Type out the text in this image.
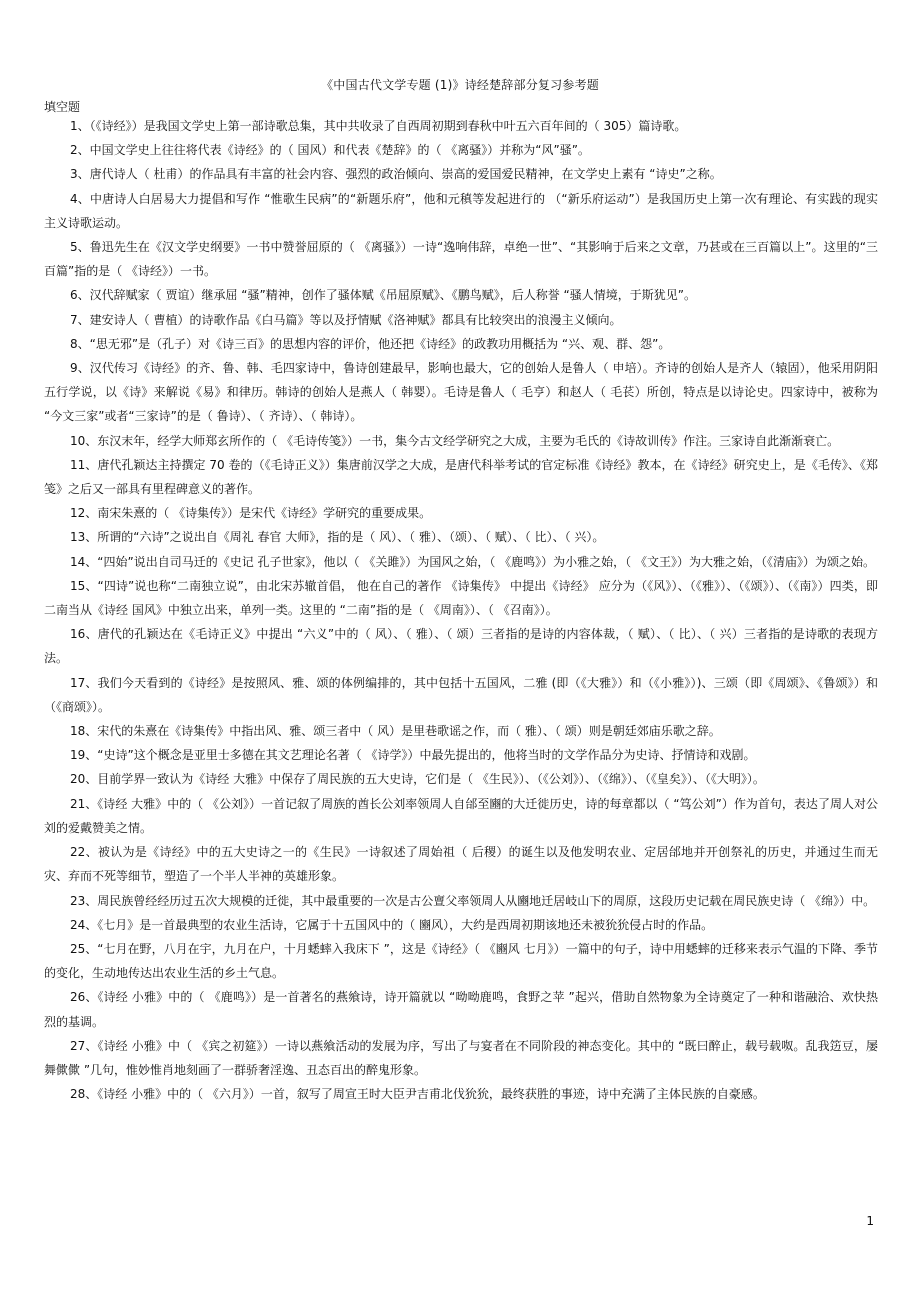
《中国古代文学专题 (1)》诗经楚辞部分复习参考题
填空题

1、（《诗经》）是我国文学史上第一部诗歌总集，其中共收录了自西周初期到春秋中叶五六百年间的（ 305）篇诗歌。

2、中国文学史上往往将代表《诗经》的（ 国风）和代表《楚辞》的（ 《离骚》）并称为“风”骚”。

3、唐代诗人（ 杜甫）的作品具有丰富的社会内容、强烈的政治倾向、崇高的爱国爱民精神，在文学史上素有 “诗史”之称。

4、中唐诗人白居易大力提倡和写作 “惟歌生民病”的“新题乐府”，他和元稹等发起进行的 （“新乐府运动”）是我国历史上第一次有理论、有实践的现实主义诗歌运动。

5、鲁迅先生在《汉文学史纲要》一书中赞誉屈原的（ 《离骚》）一诗“逸响伟辞，卓绝一世”、“其影响于后来之文章，乃甚或在三百篇以上”。这里的“三百篇”指的是（ 《诗经》）一书。

6、汉代辞赋家（ 贾谊）继承屈 “骚”精神，创作了骚体赋《吊屈原赋》、《鹏鸟赋》，后人称誉 “骚人情境，于斯犹见”。

7、建安诗人（ 曹植）的诗歌作品《白马篇》等以及抒情赋《洛神赋》都具有比较突出的浪漫主义倾向。

8、“思无邪”是（孔子）对《诗三百》的思想内容的评价，他还把《诗经》的政教功用概括为 “兴、观、群、怨”。

9、汉代传习《诗经》的齐、鲁、韩、毛四家诗中，鲁诗创建最早，影响也最大，它的创始人是鲁人（ 申培）。齐诗的创始人是齐人（辕固），他采用阴阳五行学说，以《诗》来解说《易》和律历。韩诗的创始人是燕人（ 韩婴）。毛诗是鲁人（ 毛亨）和赵人（ 毛苌）所创，特点是以诗论史。四家诗中，被称为 “今文三家”或者“三家诗”的是（ 鲁诗）、（ 齐诗）、（ 韩诗）。

10、东汉末年，经学大师郑玄所作的（ 《毛诗传笺》）一书，集今古文经学研究之大成，主要为毛氏的《诗故训传》作注。三家诗自此渐渐衰亡。

11、唐代孔颖达主持撰定 70 卷的（《毛诗正义》）集唐前汉学之大成，是唐代科举考试的官定标准《诗经》教本，在《诗经》研究史上，是《毛传》、《郑笺》之后又一部具有里程碑意义的著作。

12、南宋朱熹的（ 《诗集传》）是宋代《诗经》学研究的重要成果。

13、所谓的“六诗”之说出自《周礼 春官 大师》，指的是（ 风）、（ 雅）、（颂）、（ 赋）、（ 比）、（ 兴）。

14、“四始”说出自司马迁的《史记 孔子世家》，他以（ 《关雎》）为国风之始，（ 《鹿鸣》）为小雅之始，（ 《文王》）为大雅之始，（《清庙》）为颂之始。

15、“四诗”说也称“二南独立说”，由北宋苏辙首倡， 他在自己的著作 《诗集传》 中提出《诗经》 应分为（《风》）、（《雅》）、（《颂》）、（《南》）四类，即二南当从《诗经 国风》中独立出来，单列一类。这里的 “二南”指的是（ 《周南》）、（ 《召南》）。

16、唐代的孔颖达在《毛诗正义》中提出 “六义”中的（ 风）、（ 雅）、（ 颂）三者指的是诗的内容体裁，（ 赋）、（ 比）、（ 兴）三者指的是诗歌的表现方法。

17、我们今天看到的《诗经》是按照风、雅、颂的体例编排的，其中包括十五国风，二雅 (即（《大雅》）和（《小雅》）)、三颂（即《周颂》、《鲁颂》）和（《商颂》）。

18、宋代的朱熹在《诗集传》中指出风、雅、颂三者中（ 风）是里巷歌谣之作，而（ 雅）、（ 颂）则是朝廷郊庙乐歌之辞。

19、“史诗”这个概念是亚里士多德在其文艺理论名著（ 《诗学》）中最先提出的，他将当时的文学作品分为史诗、抒情诗和戏剧。

20、目前学界一致认为《诗经 大雅》中保存了周民族的五大史诗，它们是（ 《生民》）、（《公刘》）、（《绵》）、（《皇矣》）、（《大明》）。

21、《诗经 大雅》中的（ 《公刘》）一首记叙了周族的酋长公刘率领周人自邰至豳的大迁徙历史，诗的每章都以（ “笃公刘”）作为首句，表达了周人对公刘的爱戴赞美之情。

22、被认为是《诗经》中的五大史诗之一的《生民》一诗叙述了周始祖（ 后稷）的诞生以及他发明农业、定居邰地并开创祭礼的历史，并通过生而无灾、弃而不死等细节，塑造了一个半人半神的英雄形象。

23、周民族曾经经历过五次大规模的迁徙，其中最重要的一次是古公亶父率领周人从豳地迁居岐山下的周原，这段历史记载在周民族史诗（ 《绵》）中。

24、《七月》是一首最典型的农业生活诗，它属于十五国风中的（ 豳风），大约是西周初期该地还未被狁狁侵占时的作品。

25、“七月在野，八月在宇，九月在户，十月蟋蟀入我床下 ”，这是《诗经》（ 《豳风 七月》）一篇中的句子，诗中用蟋蟀的迁移来表示气温的下降、季节的变化，生动地传达出农业生活的乡土气息。

26、《诗经 小雅》中的（ 《鹿鸣》）是一首著名的燕飨诗，诗开篇就以 “呦呦鹿鸣，食野之苹 ”起兴，借助自然物象为全诗奠定了一种和谐融洽、欢快热烈的基调。

27、《诗经 小雅》中（ 《宾之初筵》）一诗以燕飨活动的发展为序，写出了与宴者在不同阶段的神态变化。其中的 “既曰醉止，载号载呶。乱我笾豆，屡舞僛僛 ”几句，惟妙惟肖地刻画了一群骄奢淫逸、丑态百出的醉鬼形象。

28、《诗经 小雅》中的（ 《六月》）一首，叙写了周宣王时大臣尹吉甫北伐狁狁，最终获胜的事迹，诗中充满了主体民族的自豪感。

1
